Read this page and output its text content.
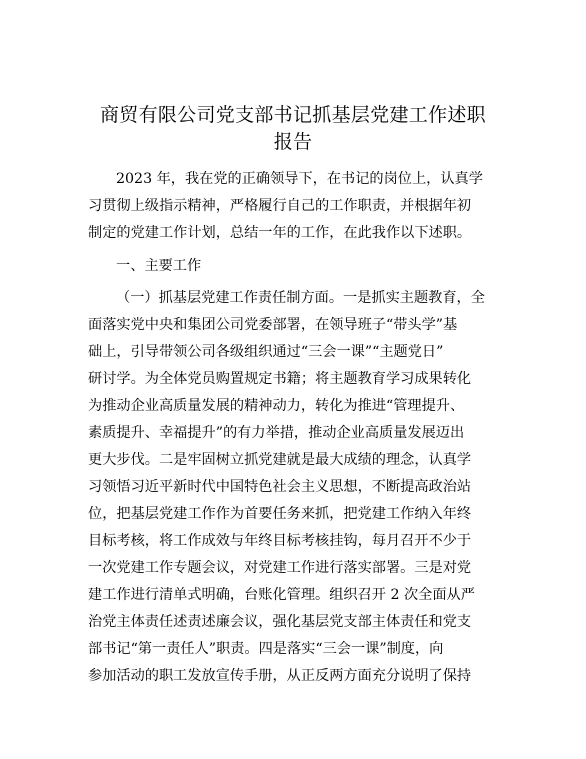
商贸有限公司党支部书记抓基层党建工作述职
报告
2023 年，我在党的正确领导下，在书记的岗位上，认真学
习贯彻上级指示精神，严格履行自己的工作职责，并根据年初
制定的党建工作计划，总结一年的工作，在此我作以下述职。
一、主要工作
（一）抓基层党建工作责任制方面。一是抓实主题教育，全
面落实党中央和集团公司党委部署，在领导班子“带头学”基
础上，引导带领公司各级组织通过“三会一课”“主题党日”
研讨学。为全体党员购置规定书籍；将主题教育学习成果转化
为推动企业高质量发展的精神动力，转化为推进“管理提升、
素质提升、幸福提升”的有力举措，推动企业高质量发展迈出
更大步伐。二是牢固树立抓党建就是最大成绩的理念，认真学
习领悟习近平新时代中国特色社会主义思想，不断提高政治站
位，把基层党建工作作为首要任务来抓，把党建工作纳入年终
目标考核，将工作成效与年终目标考核挂钩，每月召开不少于
一次党建工作专题会议，对党建工作进行落实部署。三是对党
建工作进行清单式明确，台账化管理。组织召开 2 次全面从严
治党主体责任述责述廉会议，强化基层党支部主体责任和党支
部书记“第一责任人”职责。四是落实“三会一课”制度，向
参加活动的职工发放宣传手册，从正反两方面充分说明了保持
